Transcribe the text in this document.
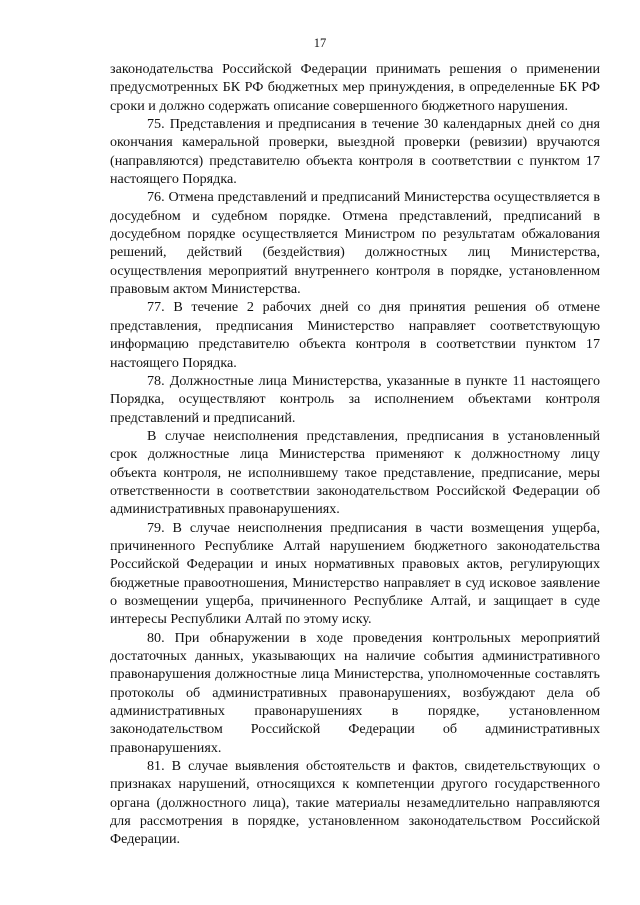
17

законодательства Российской Федерации принимать решения о применении предусмотренных БК РФ бюджетных мер принуждения, в определенные БК РФ сроки и должно содержать описание совершенного бюджетного нарушения.

75. Представления и предписания в течение 30 календарных дней со дня окончания камеральной проверки, выездной проверки (ревизии) вручаются (направляются) представителю объекта контроля в соответствии с пунктом 17 настоящего Порядка.

76. Отмена представлений и предписаний Министерства осуществляется в досудебном и судебном порядке. Отмена представлений, предписаний в досудебном порядке осуществляется Министром по результатам обжалования решений, действий (бездействия) должностных лиц Министерства, осуществления мероприятий внутреннего контроля в порядке, установленном правовым актом Министерства.

77. В течение 2 рабочих дней со дня принятия решения об отмене представления, предписания Министерство направляет соответствующую информацию представителю объекта контроля в соответствии пунктом 17 настоящего Порядка.

78. Должностные лица Министерства, указанные в пункте 11 настоящего Порядка, осуществляют контроль за исполнением объектами контроля представлений и предписаний.

В случае неисполнения представления, предписания в установленный срок должностные лица Министерства применяют к должностному лицу объекта контроля, не исполнившему такое представление, предписание, меры ответственности в соответствии законодательством Российской Федерации об административных правонарушениях.

79. В случае неисполнения предписания в части возмещения ущерба, причиненного Республике Алтай нарушением бюджетного законодательства Российской Федерации и иных нормативных правовых актов, регулирующих бюджетные правоотношения, Министерство направляет в суд исковое заявление о возмещении ущерба, причиненного Республике Алтай, и защищает в суде интересы Республики Алтай по этому иску.

80. При обнаружении в ходе проведения контрольных мероприятий достаточных данных, указывающих на наличие события административного правонарушения должностные лица Министерства, уполномоченные составлять протоколы об административных правонарушениях, возбуждают дела об административных правонарушениях в порядке, установленном законодательством Российской Федерации об административных правонарушениях.

81. В случае выявления обстоятельств и фактов, свидетельствующих о признаках нарушений, относящихся к компетенции другого государственного органа (должностного лица), такие материалы незамедлительно направляются для рассмотрения в порядке, установленном законодательством Российской Федерации.
